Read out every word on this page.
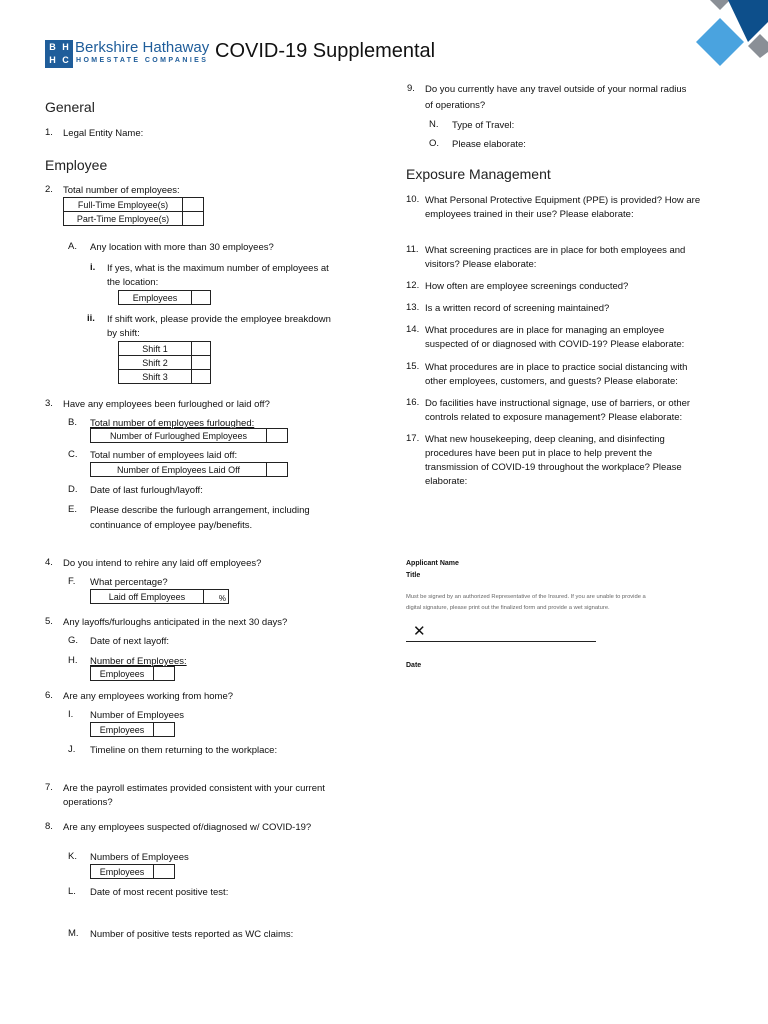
B H
H C
Berkshire Hathaway
HOMESTATE COMPANIES COVID-19 Supplemental
General
1. Legal Entity Name:
Employee
2. Total number of employees:
Full-Time Employee(s)	
Part-Time Employee(s)	
A. Any location with more than 30 employees?
i. If yes, what is the maximum number of employees at
the location:
Employees	
ii. If shift work, please provide the employee breakdown
by shift:
Shift 1	
Shift 2	
Shift 3	
3. Have any employees been furloughed or laid off?
B. Total number of employees furloughed:
Number of Furloughed Employees	
C. Total number of employees laid off:
Number of Employees Laid Off	
D. Date of last furlough/layoff:
E. Please describe the furlough arrangement, including
continuance of employee pay/benefits.
4. Do you intend to rehire any laid off employees?
F. What percentage?
Laid off Employees	%
5. Any layoffs/furloughs anticipated in the next 30 days?
G. Date of next layoff:
H. Number of Employees:
Employees	
6. Are any employees working from home?
I. Number of Employees
Employees	
J. Timeline on them returning to the workplace:
7. Are the payroll estimates provided consistent with your current
operations?
8. Are any employees suspected of/diagnosed w/ COVID-19?
K. Numbers of Employees
Employees	
L. Date of most recent positive test:
M. Number of positive tests reported as WC claims:
9. Do you currently have any travel outside of your normal radius
of operations?
N. Type of Travel:
O. Please elaborate:
Exposure Management
10. What Personal Protective Equipment (PPE) is provided? How are
employees trained in their use? Please elaborate:
11. What screening practices are in place for both employees and
visitors? Please elaborate:
12. How often are employee screenings conducted?
13. Is a written record of screening maintained?
14. What procedures are in place for managing an employee
suspected of or diagnosed with COVID-19? Please elaborate:
15. What procedures are in place to practice social distancing with
other employees, customers, and guests? Please elaborate:
16. Do facilities have instructional signage, use of barriers, or other
controls related to exposure management? Please elaborate:
17. What new housekeeping, deep cleaning, and disinfecting
procedures have been put in place to help prevent the
transmission of COVID-19 throughout the workplace? Please
elaborate:
Applicant Name
Title
Must be signed by an authorized Representative of the Insured. If you are unable to provide a
digital signature, please print out the finalized form and provide a wet signature.
✕
Date
